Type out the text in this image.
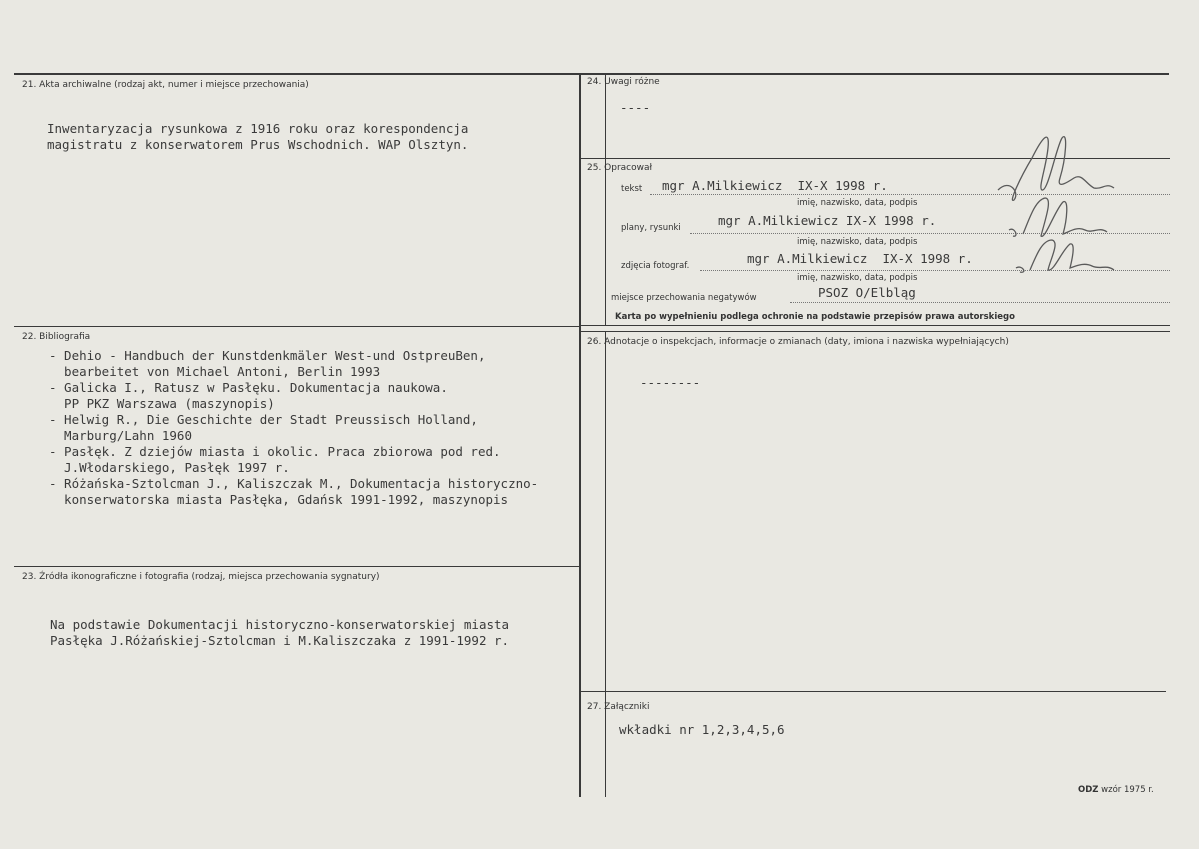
21. Akta archiwalne (rodzaj akt, numer i miejsce przechowania)
Inwentaryzacja rysunkowa z 1916 roku oraz korespondencja
magistratu z konserwatorem Prus Wschodnich. WAP Olsztyn.
22. Bibliografia
- Dehio - Handbuch der Kunstdenkmäler West-und OstpreuBen,
bearbeitet von Michael Antoni, Berlin 1993
- Galicka I., Ratusz w Pasłęku. Dokumentacja naukowa.
PP PKZ Warszawa (maszynopis)
- Helwig R., Die Geschichte der Stadt Preussisch Holland,
Marburg/Lahn 1960
- Pasłęk. Z dziejów miasta i okolic. Praca zbiorowa pod red.
J.Włodarskiego, Pasłęk 1997 r.
- Różańska-Sztolcman J., Kaliszczak M., Dokumentacja historyczno-
konserwatorska miasta Pasłęka, Gdańsk 1991-1992, maszynopis
23. Źródła ikonograficzne i fotografia (rodzaj, miejsca przechowania sygnatury)
Na podstawie Dokumentacji historyczno-konserwatorskiej miasta
Pasłęka J.Różańskiej-Sztolcman i M.Kaliszczaka z 1991-1992 r.
24. Uwagi różne
----
25. Opracował
tekst mgr A.Milkiewicz  IX-X 1998 r.
imię, nazwisko, data, podpis
plany, rysunki	mgr A.Milkiewicz IX-X 1998 r.
imię, nazwisko, data, podpis
zdjęcia fotograf.	mgr A.Milkiewicz  IX-X 1998 r.
imię, nazwisko, data, podpis
miejsce przechowania negatywów	PSOZ O/Elbląg
Karta po wypełnieniu podlega ochronie na podstawie przepisów prawa autorskiego
26. Adnotacje o inspekcjach, informacje o zmianach (daty, imiona i nazwiska wypełniających)
--------
27. Załączniki
wkładki nr 1,2,3,4,5,6
ODZ wzór 1975 r.
